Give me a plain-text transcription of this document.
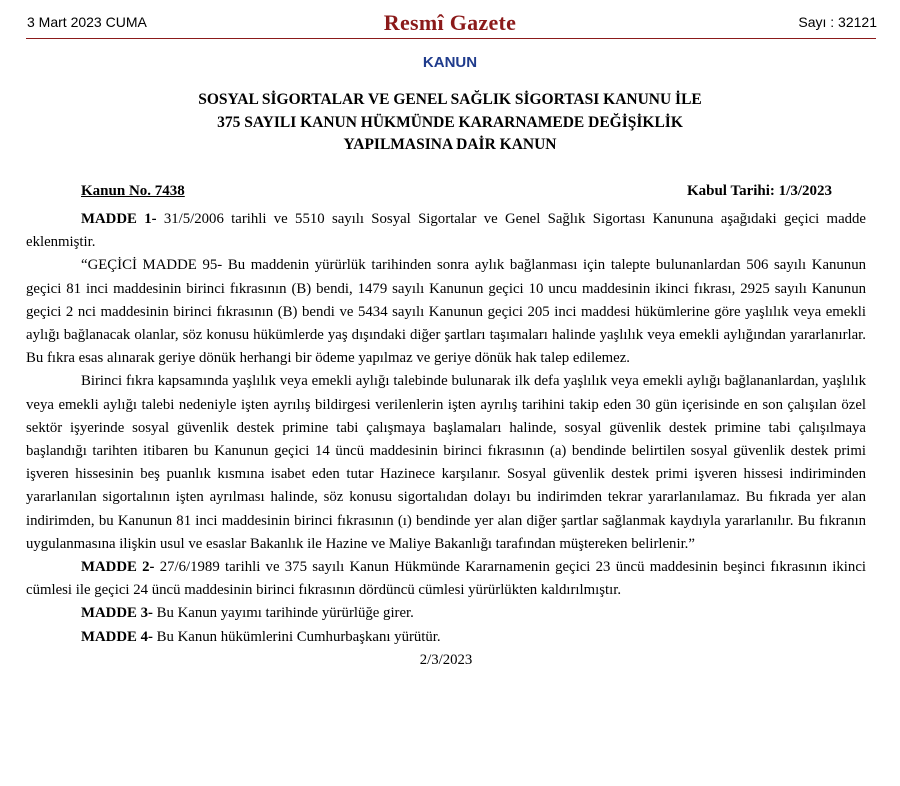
3 Mart 2023 CUMA	Resmî Gazete	Sayı : 32121
KANUN
SOSYAL SİGORTALAR VE GENEL SAĞLIK SİGORTASI KANUNU İLE
375 SAYILI KANUN HÜKMÜNDE KARARNAMEDE DEĞİŞİKLİK
YAPILMASINA DAİR KANUN
Kanun No. 7438	Kabul Tarihi: 1/3/2023

MADDE 1- 31/5/2006 tarihli ve 5510 sayılı Sosyal Sigortalar ve Genel Sağlık Sigortası Kanununa aşağıdaki geçici madde eklenmiştir.

“GEÇİCİ MADDE 95- Bu maddenin yürürlük tarihinden sonra aylık bağlanması için talepte bulunanlardan 506 sayılı Kanunun geçici 81 inci maddesinin birinci fıkrasının (B) bendi, 1479 sayılı Kanunun geçici 10 uncu maddesinin ikinci fıkrası, 2925 sayılı Kanunun geçici 2 nci maddesinin birinci fıkrasının (B) bendi ve 5434 sayılı Kanunun geçici 205 inci maddesi hükümlerine göre yaşlılık veya emekli aylığı bağlanacak olanlar, söz konusu hükümlerde yaş dışındaki diğer şartları taşımaları halinde yaşlılık veya emekli aylığından yararlanırlar. Bu fıkra esas alınarak geriye dönük herhangi bir ödeme yapılmaz ve geriye dönük hak talep edilemez.

Birinci fıkra kapsamında yaşlılık veya emekli aylığı talebinde bulunarak ilk defa yaşlılık veya emekli aylığı bağlananlardan, yaşlılık veya emekli aylığı talebi nedeniyle işten ayrılış bildirgesi verilenlerin işten ayrılış tarihini takip eden 30 gün içerisinde en son çalışılan özel sektör işyerinde sosyal güvenlik destek primine tabi çalışmaya başlamaları halinde, sosyal güvenlik destek primine tabi çalışılmaya başlandığı tarihten itibaren bu Kanunun geçici 14 üncü maddesinin birinci fıkrasının (a) bendinde belirtilen sosyal güvenlik destek primi işveren hissesinin beş puanlık kısmına isabet eden tutar Hazinece karşılanır. Sosyal güvenlik destek primi işveren hissesi indiriminden yararlanılan sigortalının işten ayrılması halinde, söz konusu sigortalıdan dolayı bu indirimden tekrar yararlanılamaz. Bu fıkrada yer alan indirimden, bu Kanunun 81 inci maddesinin birinci fıkrasının (ı) bendinde yer alan diğer şartlar sağlanmak kaydıyla yararlanılır. Bu fıkranın uygulanmasına ilişkin usul ve esaslar Bakanlık ile Hazine ve Maliye Bakanlığı tarafından müştereken belirlenir.”

MADDE 2- 27/6/1989 tarihli ve 375 sayılı Kanun Hükmünde Kararnamenin geçici 23 üncü maddesinin beşinci fıkrasının ikinci cümlesi ile geçici 24 üncü maddesinin birinci fıkrasının dördüncü cümlesi yürürlükten kaldırılmıştır.

MADDE 3- Bu Kanun yayımı tarihinde yürürlüğe girer.

MADDE 4- Bu Kanun hükümlerini Cumhurbaşkanı yürütür.

2/3/2023
